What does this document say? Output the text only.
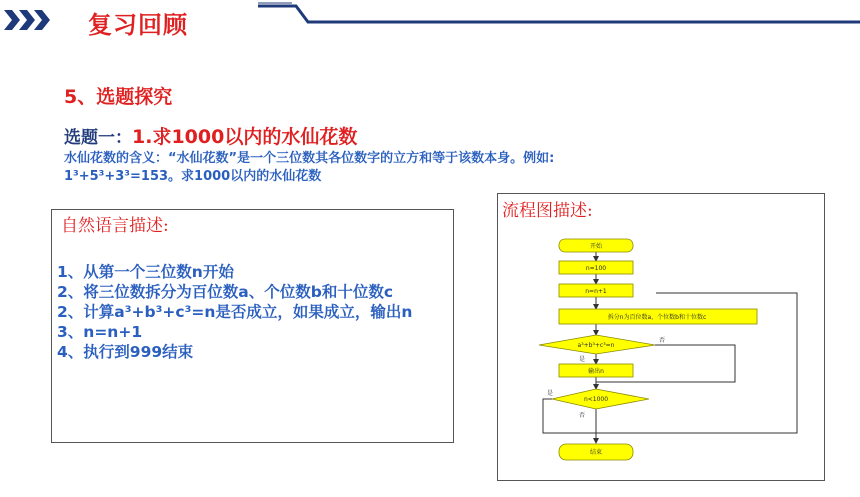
复习回顾
5、选题探究
选题一：1.求1000以内的水仙花数
水仙花数的含义：“水仙花数”是一个三位数其各位数字的立方和等于该数本身。例如:
1³+5³+3³=153。求1000以内的水仙花数
自然语言描述:
1、从第一个三位数n开始
2、将三位数拆分为百位数a、个位数b和十位数c
2、计算a³+b³+c³=n是否成立，如果成立，输出n
3、n=n+1
4、执行到999结束
开始
n=100
n=n+1
拆分n为百位数a、个位数b和十位数c
a³+b³+c³=n
输出n
n<1000
结束
否
是
是
否
流程图描述:
